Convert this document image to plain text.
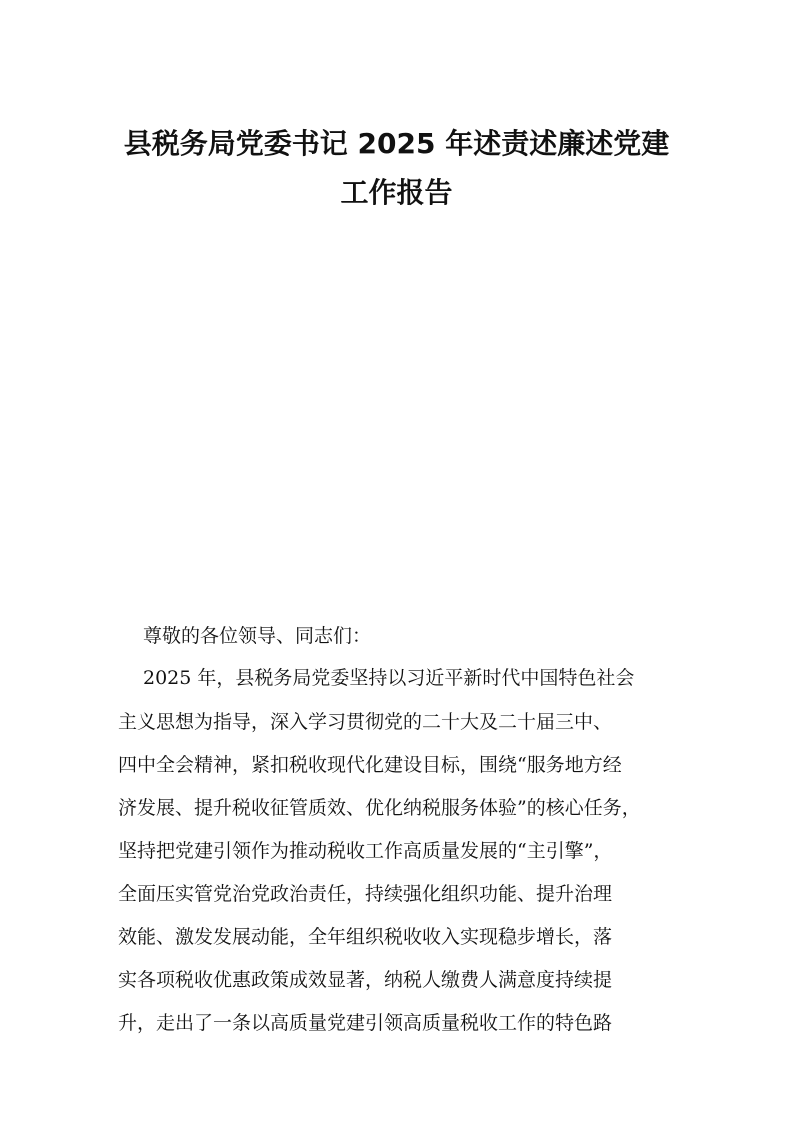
县税务局党委书记 2025 年述责述廉述党建
工作报告
尊敬的各位领导、同志们：
2025 年，县税务局党委坚持以习近平新时代中国特色社会
主义思想为指导，深入学习贯彻党的二十大及二十届三中、
四中全会精神，紧扣税收现代化建设目标，围绕“服务地方经
济发展、提升税收征管质效、优化纳税服务体验”的核心任务，
坚持把党建引领作为推动税收工作高质量发展的“主引擎”，
全面压实管党治党政治责任，持续强化组织功能、提升治理
效能、激发发展动能，全年组织税收收入实现稳步增长，落
实各项税收优惠政策成效显著，纳税人缴费人满意度持续提
升，走出了一条以高质量党建引领高质量税收工作的特色路
